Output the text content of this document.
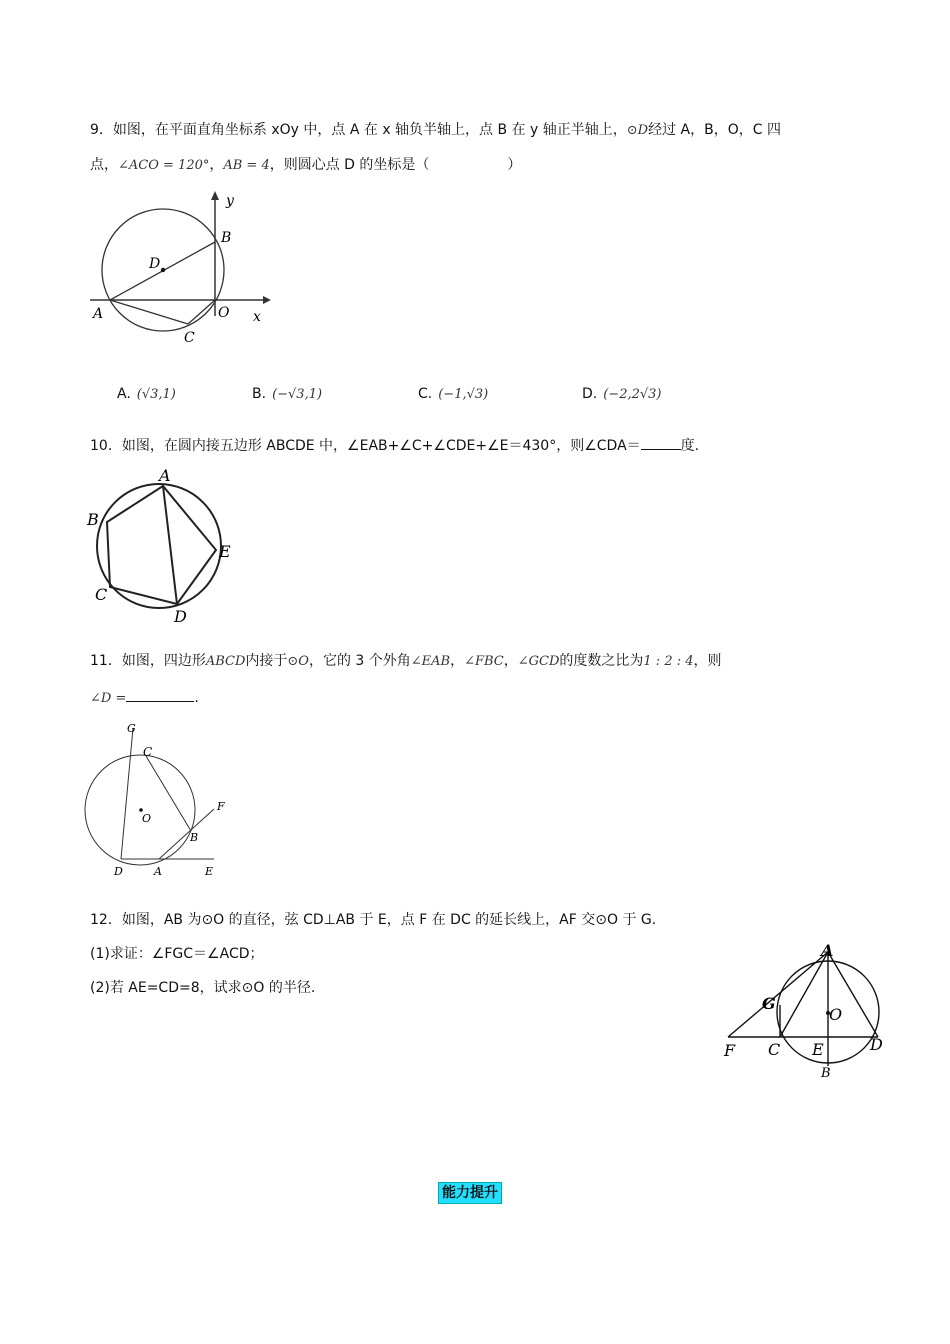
9．如图，在平面直角坐标系 xOy 中，点 A 在 x 轴负半轴上，点 B 在 y 轴正半轴上，⊙D经过 A，B，O，C 四
点，∠ACO = 120°，AB = 4，则圆心点 D 的坐标是（	）
y
B
D
A	O x
C
A. (√3,1)	B. (−√3,1)	C. (−1,√3)	D. (−2,2√3)
10．如图，在圆内接五边形 ABCDE 中，∠EAB+∠C+∠CDE+∠E＝430°，则∠CDA＝	度.
A
B
C
D
E
11．如图，四边形ABCD内接于⊙O，它的 3 个外角∠EAB，∠FBC，∠GCD的度数之比为1 : 2 : 4，则
∠D =	.
G
C
F
O
B
D	A	E
12．如图，AB 为⊙O 的直径，弦 CD⊥AB 于 E，点 F 在 DC 的延长线上，AF 交⊙O 于 G.
(1)求证：∠FGC＝∠ACD；
(2)若 AE=CD=8，试求⊙O 的半径.
A
G
O
F C E	D
B
能力提升
